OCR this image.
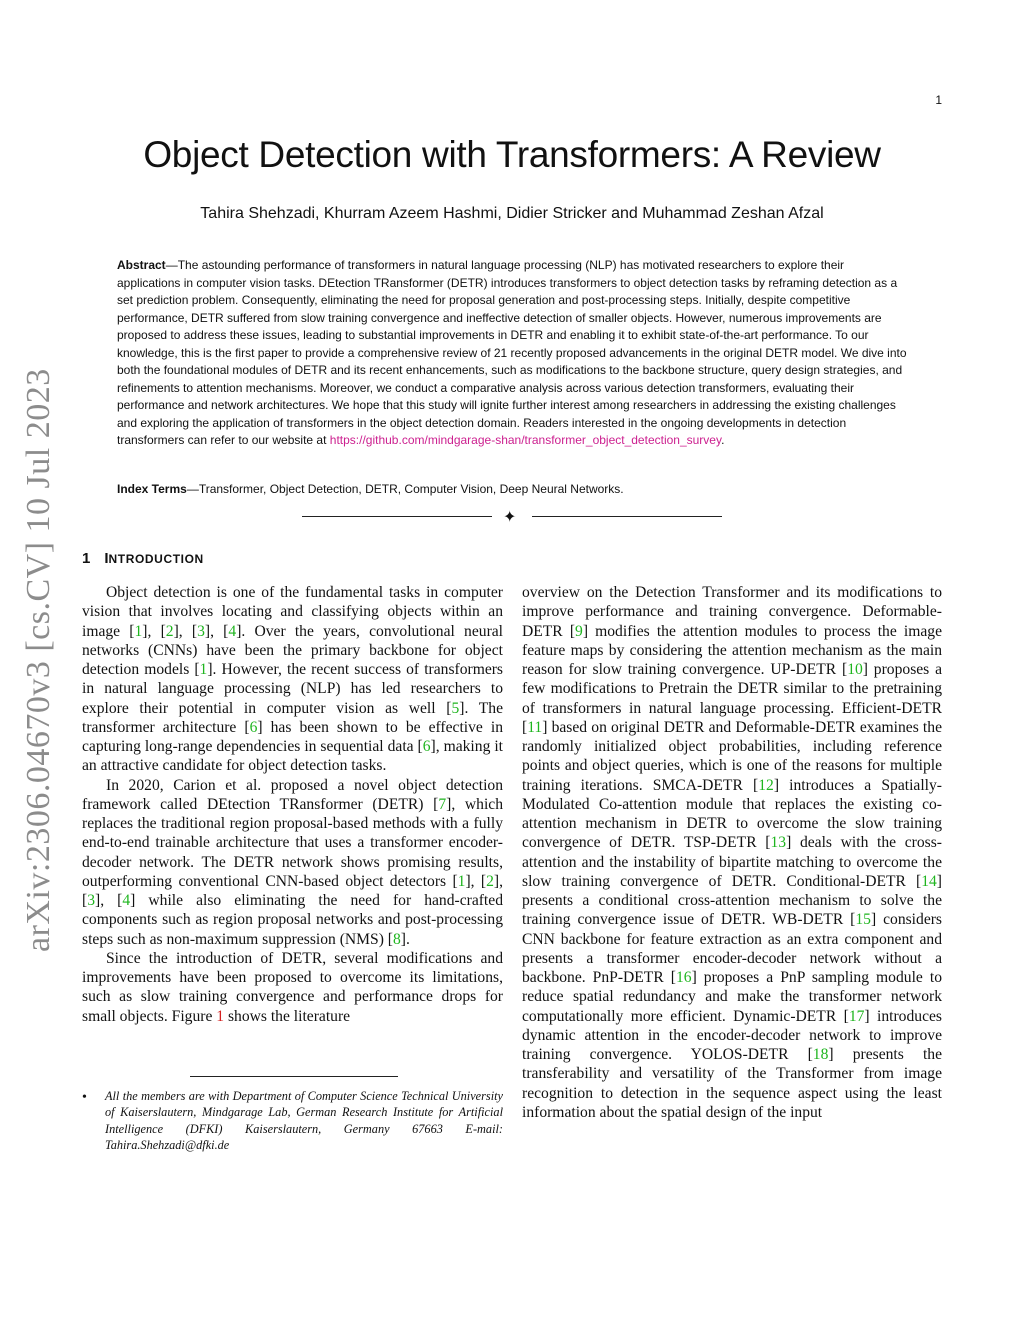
1
arXiv:2306.04670v3 [cs.CV] 10 Jul 2023
Object Detection with Transformers: A Review
Tahira Shehzadi, Khurram Azeem Hashmi, Didier Stricker and Muhammad Zeshan Afzal
Abstract—The astounding performance of transformers in natural language processing (NLP) has motivated researchers to explore their applications in computer vision tasks. DEtection TRansformer (DETR) introduces transformers to object detection tasks by reframing detection as a set prediction problem. Consequently, eliminating the need for proposal generation and post-processing steps. Initially, despite competitive performance, DETR suffered from slow training convergence and ineffective detection of smaller objects. However, numerous improvements are proposed to address these issues, leading to substantial improvements in DETR and enabling it to exhibit state-of-the-art performance. To our knowledge, this is the first paper to provide a comprehensive review of 21 recently proposed advancements in the original DETR model. We dive into both the foundational modules of DETR and its recent enhancements, such as modifications to the backbone structure, query design strategies, and refinements to attention mechanisms. Moreover, we conduct a comparative analysis across various detection transformers, evaluating their performance and network architectures. We hope that this study will ignite further interest among researchers in addressing the existing challenges and exploring the application of transformers in the object detection domain. Readers interested in the ongoing developments in detection transformers can refer to our website at https://github.com/mindgarage-shan/transformer_object_detection_survey.
Index Terms—Transformer, Object Detection, DETR, Computer Vision, Deep Neural Networks.
✦
1 INTRODUCTION

Object detection is one of the fundamental tasks in computer vision that involves locating and classifying objects within an image [1], [2], [3], [4]. Over the years, convolutional neural networks (CNNs) have been the primary backbone for object detection models [1]. However, the recent success of transformers in natural language processing (NLP) has led researchers to explore their potential in computer vision as well [5]. The transformer architecture [6] has been shown to be effective in capturing long-range dependencies in sequential data [6], making it an attractive candidate for object detection tasks.

In 2020, Carion et al. proposed a novel object detection framework called DEtection TRansformer (DETR) [7], which replaces the traditional region proposal-based methods with a fully end-to-end trainable architecture that uses a transformer encoder-decoder network. The DETR network shows promising results, outperforming conventional CNN-based object detectors [1], [2], [3], [4] while also eliminating the need for hand-crafted components such as region proposal networks and post-processing steps such as non-maximum suppression (NMS) [8].

Since the introduction of DETR, several modifications and improvements have been proposed to overcome its limitations, such as slow training convergence and performance drops for small objects. Figure 1 shows the literature

overview on the Detection Transformer and its modifications to improve performance and training convergence. Deformable-DETR [9] modifies the attention modules to process the image feature maps by considering the attention mechanism as the main reason for slow training convergence. UP-DETR [10] proposes a few modifications to Pretrain the DETR similar to the pretraining of transformers in natural language processing. Efficient-DETR [11] based on original DETR and Deformable-DETR examines the randomly initialized object probabilities, including reference points and object queries, which is one of the reasons for multiple training iterations. SMCA-DETR [12] introduces a Spatially-Modulated Co-attention module that replaces the existing co-attention mechanism in DETR to overcome the slow training convergence of DETR. TSP-DETR [13] deals with the cross-attention and the instability of bipartite matching to overcome the slow training convergence of DETR. Conditional-DETR [14] presents a conditional cross-attention mechanism to solve the training convergence issue of DETR. WB-DETR [15] considers CNN backbone for feature extraction as an extra component and presents a transformer encoder-decoder network without a backbone. PnP-DETR [16] proposes a PnP sampling module to reduce spatial redundancy and make the transformer network computationally more efficient. Dynamic-DETR [17] introduces dynamic attention in the encoder-decoder network to improve training convergence. YOLOS-DETR [18] presents the transferability and versatility of the Transformer from image recognition to detection in the sequence aspect using the least information about the spatial design of the input

• All the members are with Department of Computer Science Technical University of Kaiserslautern, Mindgarage Lab, German Research Institute for Artificial Intelligence (DFKI) Kaiserslautern, Germany 67663 E-mail: Tahira.Shehzadi@dfki.de
